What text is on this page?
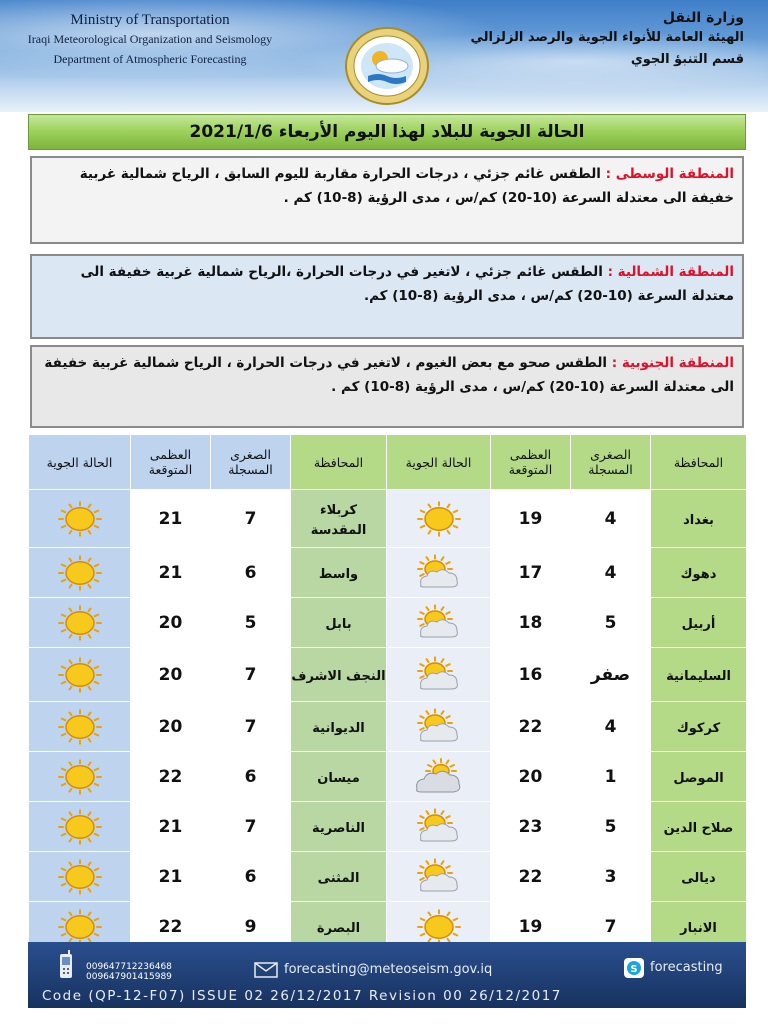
Ministry of Transportation
Iraqi Meteorological Organization and Seismology
Department of Atmospheric Forecasting
وزارة النقل
الهيئة العامة للأنواء الجوية والرصد الزلزالي
قسم التنبؤ الجوي
الحالة الجوية للبلاد لهذا اليوم الأربعاء 2021/1/6
المنطقة الوسطى : الطقس غائم جزئي ، درجات الحرارة مقاربة لليوم السابق ، الرياح شمالية غربية خفيفة الى معتدلة السرعة (10-20) كم/س ، مدى الرؤية (8-10) كم .
المنطقة الشمالية : الطقس غائم جزئي ، لاتغير في درجات الحرارة ،الرياح شمالية غربية خفيفة الى معتدلة السرعة (10-20) كم/س ، مدى الرؤية (8-10) كم.
المنطقة الجنوبية : الطقس صحو مع بعض الغيوم ، لاتغير في درجات الحرارة ، الرياح شمالية غربية خفيفة الى معتدلة السرعة (10-20) كم/س ، مدى الرؤية (8-10) كم .
المحافظة	الصغرى المسجلة	العظمى المتوقعة	الحالة الجوية	المحافظة	الصغرى المسجلة	العظمى المتوقعة	الحالة الجوية
بغداد	4	19		كربلاء المقدسة	7	21	

دهوك	4	17		واسط	6	21	

أربيل	5	18		بابل	5	20	

السليمانية	صفر	16		النجف الاشرف	7	20	

كركوك	4	22		الديوانية	7	20	

الموصل	1	20		ميسان	6	22	

صلاح الدين	5	23		الناصرية	7	21	

ديالى	3	22		المثنى	6	21	

الانبار	7	19		البصرة	9	22	
009647712236468
009647901415989	forecasting@meteoseism.gov.iq	S forecasting
Code (QP-12-F07) ISSUE 02 26/12/2017 Revision 00 26/12/2017
